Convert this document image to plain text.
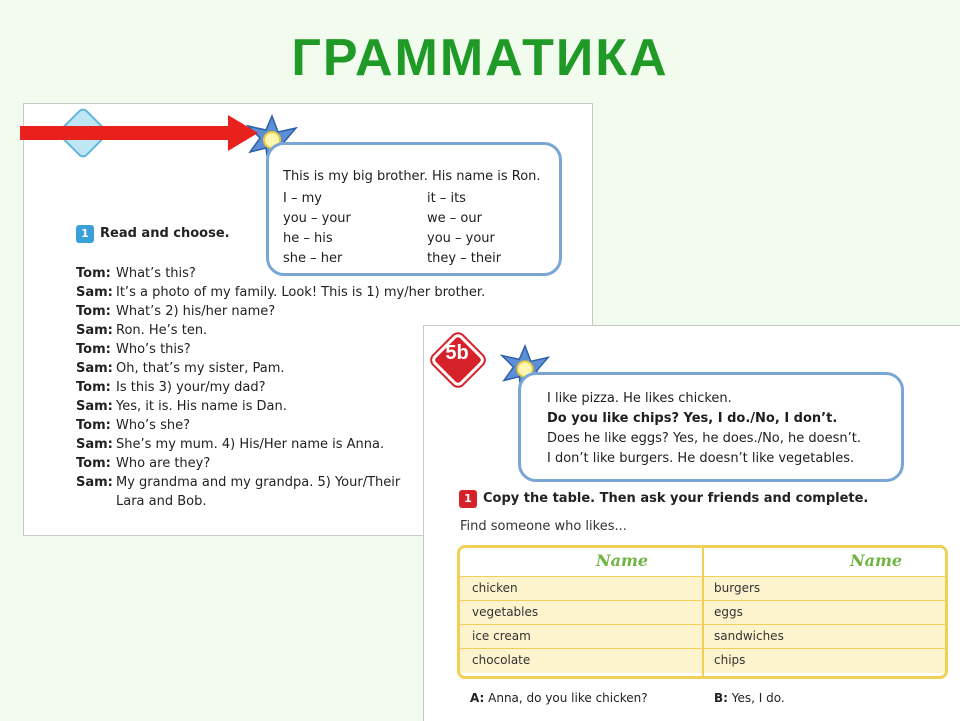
ГРАММАТИКА
This is my big brother. His name is Ron.
I – my	it – its
you – your	we – our
he – his	you – your
she – her	they – their
1 Read and choose.
Tom: What’s this?
Sam: It’s a photo of my family. Look! This is 1) my/her brother.
Tom: What’s 2) his/her name?
Sam: Ron. He’s ten.
Tom: Who’s this?
Sam: Oh, that’s my sister, Pam.
Tom: Is this 3) your/my dad?
Sam: Yes, it is. His name is Dan.
Tom: Who’s she?
Sam: She’s my mum. 4) His/Her name is Anna.
Tom: Who are they?
Sam: My grandma and my grandpa. 5) Your/Their
Lara and Bob.
5b
I like pizza. He likes chicken.
Do you like chips? Yes, I do./No, I don’t.
Does he like eggs? Yes, he does./No, he doesn’t.
I don’t like burgers. He doesn’t like vegetables.
1 Copy the table. Then ask your friends and complete.
Find someone who likes...
Name	Name
chicken	burgers
vegetables	eggs
ice cream	sandwiches
chocolate	chips
A: Anna, do you like chicken?	B: Yes, I do.
